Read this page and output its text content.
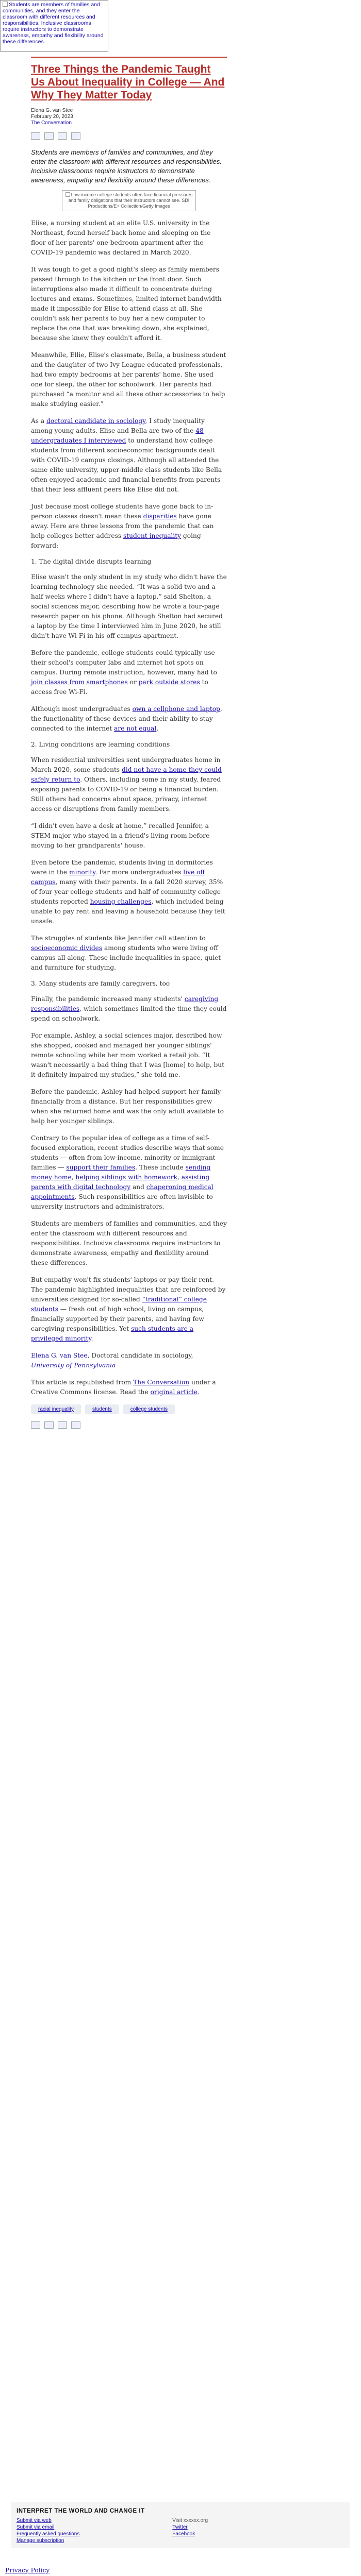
Students are members of families and communities, and they enter the classroom with different resources and responsibilities. Inclusive classrooms require instructors to demonstrate awareness, empathy and flexibility around these differences.
Three Things the Pandemic Taught Us About Inequality in College — And Why They Matter Today
Elena G. van Stee
February 20, 2023
The Conversation

Students are members of families and communities, and they enter the classroom with different resources and responsibilities. Inclusive classrooms require instructors to demonstrate awareness, empathy and flexibility around these differences.

Low-income college students often face financial pressures and family obligations that their instructors cannot see. SDI Productions/E+ Collection/Getty Images

Elise, a nursing student at an elite U.S. university in the Northeast, found herself back home and sleeping on the floor of her parents' one-bedroom apartment after the COVID-19 pandemic was declared in March 2020.

It was tough to get a good night's sleep as family members passed through to the kitchen or the front door. Such interruptions also made it difficult to concentrate during lectures and exams. Sometimes, limited internet bandwidth made it impossible for Elise to attend class at all. She couldn't ask her parents to buy her a new computer to replace the one that was breaking down, she explained, because she knew they couldn't afford it.

Meanwhile, Ellie, Elise's classmate, Bella, a business student and the daughter of two Ivy League-educated professionals, had two empty bedrooms at her parents' home. She used one for sleep, the other for schoolwork. Her parents had purchased “a monitor and all these other accessories to help make studying easier.”

As a doctoral candidate in sociology, I study inequality among young adults. Elise and Bella are two of the 48 undergraduates I interviewed to understand how college students from different socioeconomic backgrounds dealt with COVID-19 campus closings. Although all attended the same elite university, upper-middle class students like Bella often enjoyed academic and financial benefits from parents that their less affluent peers like Elise did not.

Just because most college students have gone back to in-person classes doesn't mean these disparities have gone away. Here are three lessons from the pandemic that can help colleges better address student inequality going forward:

1. The digital divide disrupts learning

Elise wasn't the only student in my study who didn't have the learning technology she needed. “It was a solid two and a half weeks where I didn't have a laptop,” said Shelton, a social sciences major, describing how he wrote a four-page research paper on his phone. Although Shelton had secured a laptop by the time I interviewed him in June 2020, he still didn't have Wi-Fi in his off-campus apartment.

Before the pandemic, college students could typically use their school's computer labs and internet hot spots on campus. During remote instruction, however, many had to join classes from smartphones or park outside stores to access free Wi-Fi.

Although most undergraduates own a cellphone and laptop, the functionality of these devices and their ability to stay connected to the internet are not equal.

2. Living conditions are learning conditions

When residential universities sent undergraduates home in March 2020, some students did not have a home they could safely return to. Others, including some in my study, feared exposing parents to COVID-19 or being a financial burden. Still others had concerns about space, privacy, internet access or disruptions from family members.

“I didn't even have a desk at home,” recalled Jennifer, a STEM major who stayed in a friend's living room before moving to her grandparents' house.

Even before the pandemic, students living in dormitories were in the minority. Far more undergraduates live off campus, many with their parents. In a fall 2020 survey, 35% of four-year college students and half of community college students reported housing challenges, which included being unable to pay rent and leaving a household because they felt unsafe.

The struggles of students like Jennifer call attention to socioeconomic divides among students who were living off campus all along. These include inequalities in space, quiet and furniture for studying.

3. Many students are family caregivers, too

Finally, the pandemic increased many students' caregiving responsibilities, which sometimes limited the time they could spend on schoolwork.

For example, Ashley, a social sciences major, described how she shopped, cooked and managed her younger siblings' remote schooling while her mom worked a retail job. “It wasn't necessarily a bad thing that I was [home] to help, but it definitely impaired my studies,” she told me.

Before the pandemic, Ashley had helped support her family financially from a distance. But her responsibilities grew when she returned home and was the only adult available to help her younger siblings.

Contrary to the popular idea of college as a time of self-focused exploration, recent studies describe ways that some students — often from low-income, minority or immigrant families — support their families. These include sending money home, helping siblings with homework, assisting parents with digital technology and chaperoning medical appointments. Such responsibilities are often invisible to university instructors and administrators.

Students are members of families and communities, and they enter the classroom with different resources and responsibilities. Inclusive classrooms require instructors to demonstrate awareness, empathy and flexibility around these differences.

But empathy won't fix students' laptops or pay their rent. The pandemic highlighted inequalities that are reinforced by universities designed for so-called “traditional” college students — fresh out of high school, living on campus, financially supported by their parents, and having few caregiving responsibilities. Yet such students are a privileged minority.

Elena G. van Stee, Doctoral candidate in sociology, University of Pennsylvania

This article is republished from The Conversation under a Creative Commons license. Read the original article.

racial inequality	students	college students
INTERPRET THE WORLD AND CHANGE IT
Submit via web
Submit via email
Frequently asked questions
Manage subscription
Visit xxxxxx.org
Twitter
Facebook
Privacy Policy
